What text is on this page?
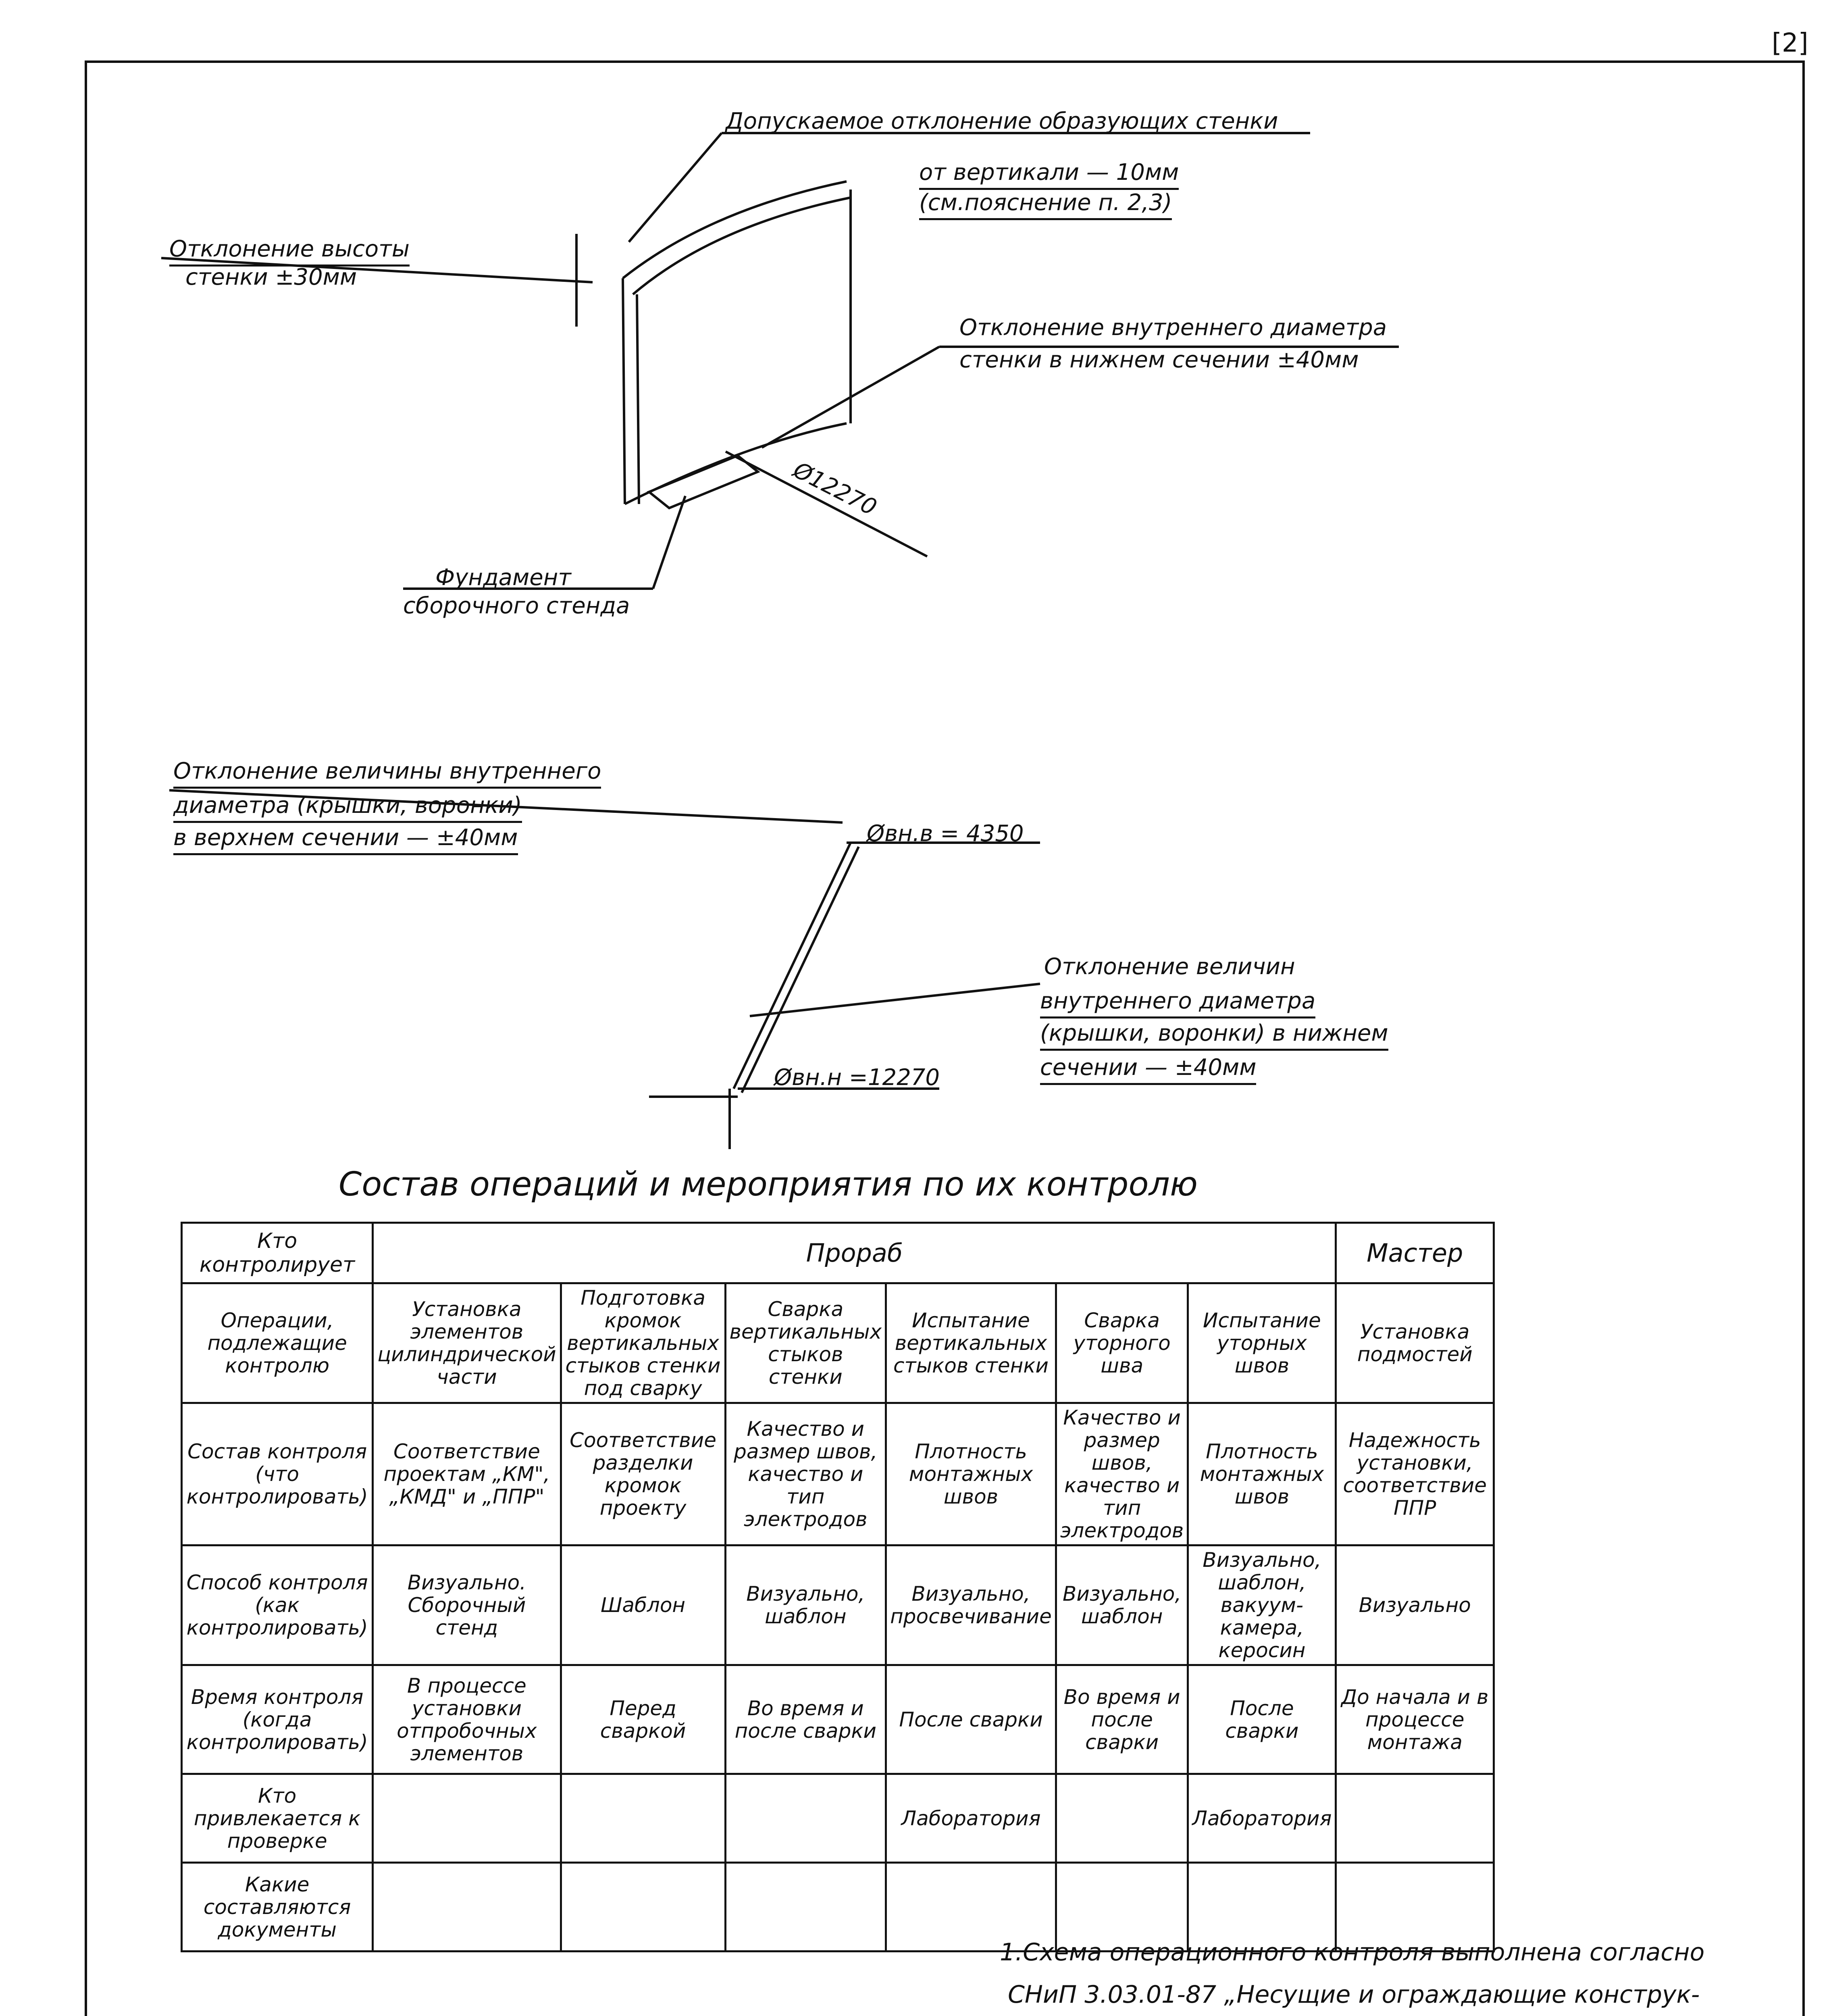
[2]
Допускаемое отклонение образующих стенки
от вертикали — 10мм
(см.пояснение п. 2,3)
Отклонение высоты
стенки ±30мм
Отклонение внутреннего диаметра
стенки в нижнем сечении ±40мм
Ø12270
Фундамент
сборочного стенда
Отклонение величины внутреннего
диаметра (крышки, воронки)
в верхнем сечении — ±40мм	Øвн.в = 4350
Отклонение величин
внутреннего диаметра
(крышки, воронки) в нижнем
сечении — ±40мм
Øвн.н =12270
Состав операций и мероприятия по их контролю
Кто контролирует	Прораб						Мастер
Операции, подлежащие контролю	Установка элементов цилиндрической части	Подготовка кромок вертикальных стыков стенки под сварку	Сварка вертикальных стыков стенки	Испытание вертикальных стыков стенки	Сварка уторного шва	Испытание уторных швов	Установка подмостей
Состав контроля (что контролировать)	Соответствие проектам „КМ", „КМД" и „ППР"	Соответствие разделки кромок проекту	Качество и размер швов, качество и тип электродов	Плотность монтажных швов	Качество и размер швов, качество и тип электродов	Плотность монтажных швов	Надежность установки, соответствие ППР
Способ контроля (как контролировать)	Визуально. Сборочный стенд	Шаблон	Визуально, шаблон	Визуально, просвечивание	Визуально, шаблон	Визуально, шаблон, вакуум-камера, керосин	Визуально
Время контроля (когда контролировать)	В процессе установки отпробочных элементов	Перед сваркой	Во время и после сварки	После сварки	Во время и после сварки	После сварки	До начала и в процессе монтажа
Кто привлекается к проверке				Лаборатория		Лаборатория	
Какие составляются документы							
1.Схема операционного контроля выполнена согласно
СНиП 3.03.01-87 „Несущие и ограждающие конструк-
